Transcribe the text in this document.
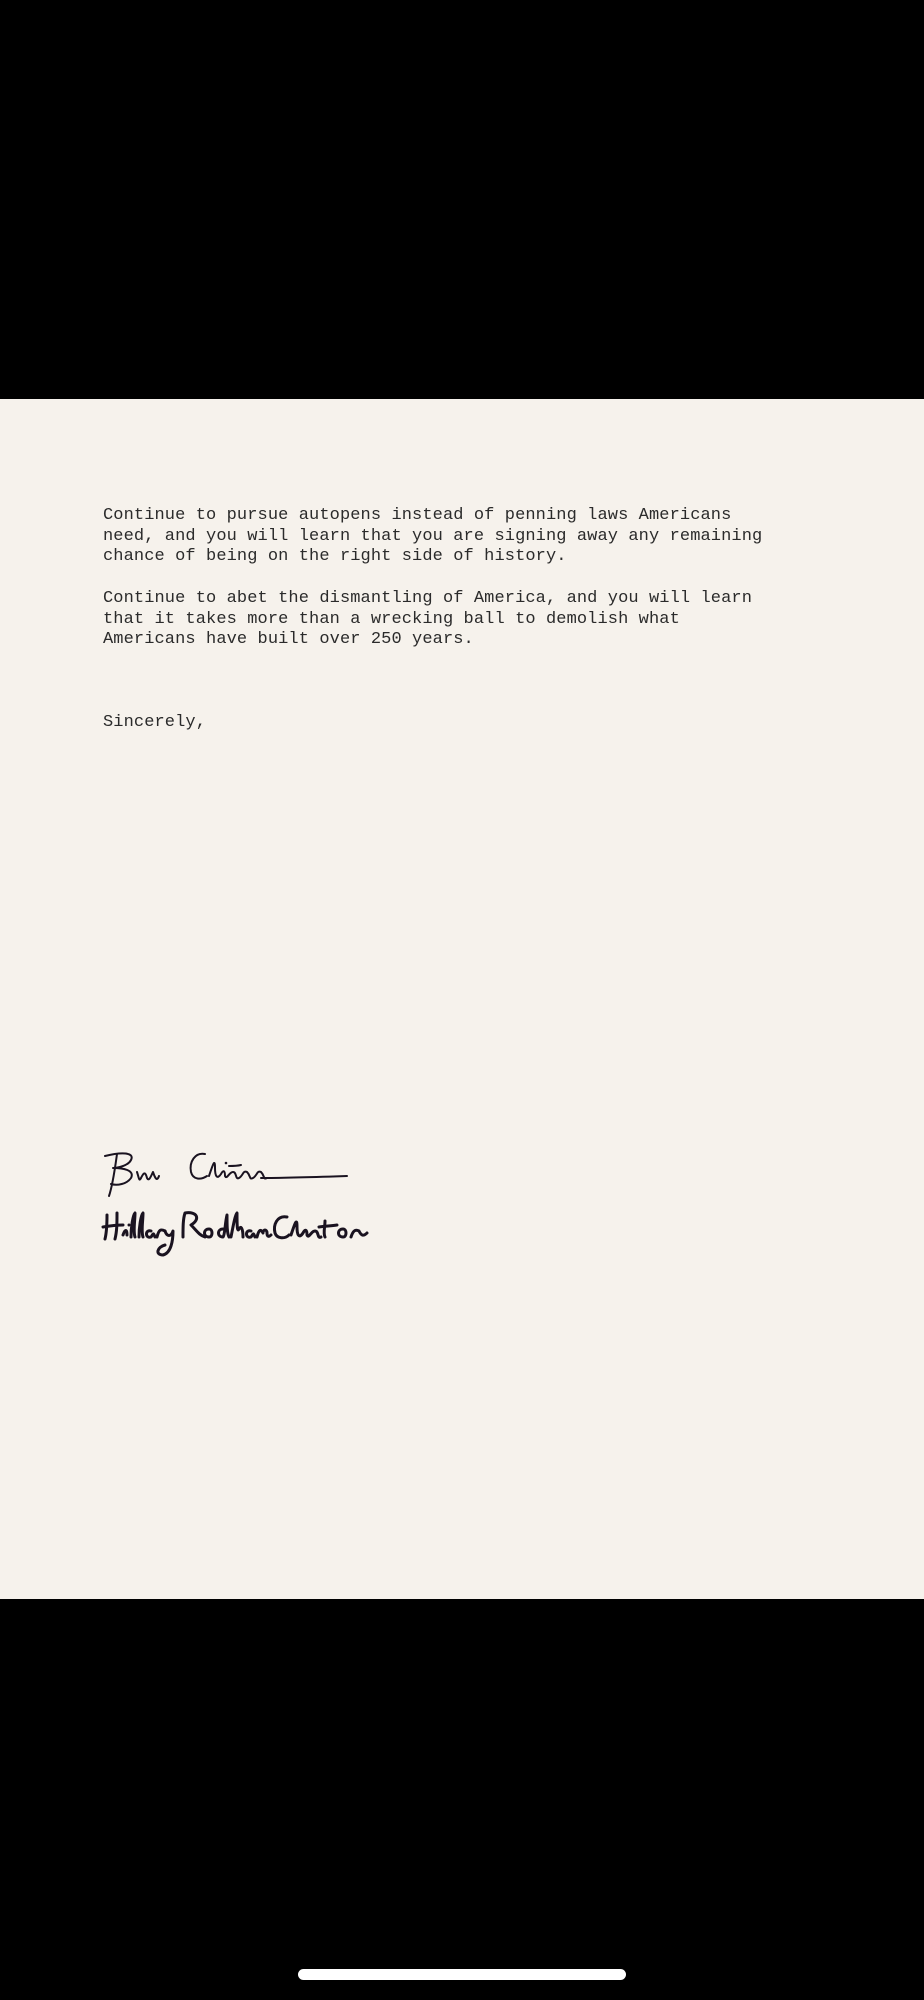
Continue to pursue autopens instead of penning laws Americans
need, and you will learn that you are signing away any remaining
chance of being on the right side of history.

Continue to abet the dismantling of America, and you will learn
that it takes more than a wrecking ball to demolish what
Americans have built over 250 years.

Sincerely,
